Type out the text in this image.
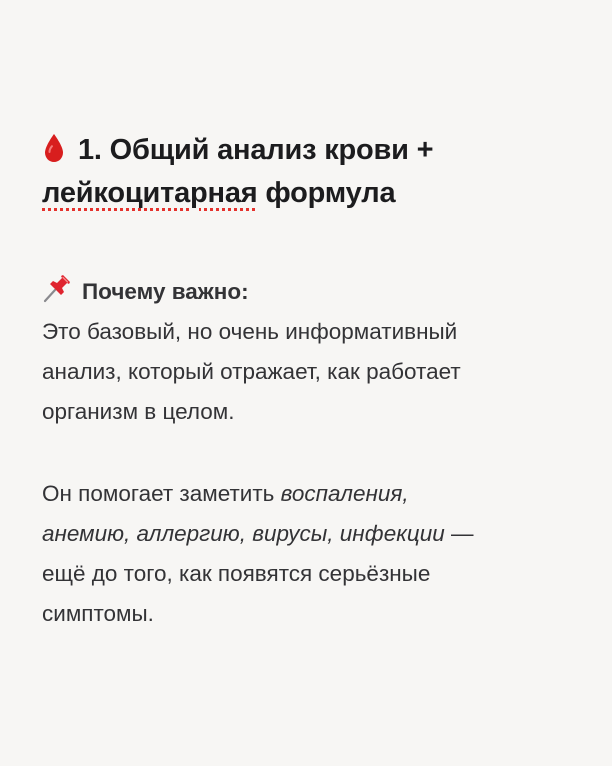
1. Общий анализ крови +
лейкоцитарная формула
Почему важно:
Это базовый, но очень информативный
анализ, который отражает, как работает
организм в целом.
Он помогает заметить воспаления,
анемию, аллергию, вирусы, инфекции —
ещё до того, как появятся серьёзные
симптомы.
